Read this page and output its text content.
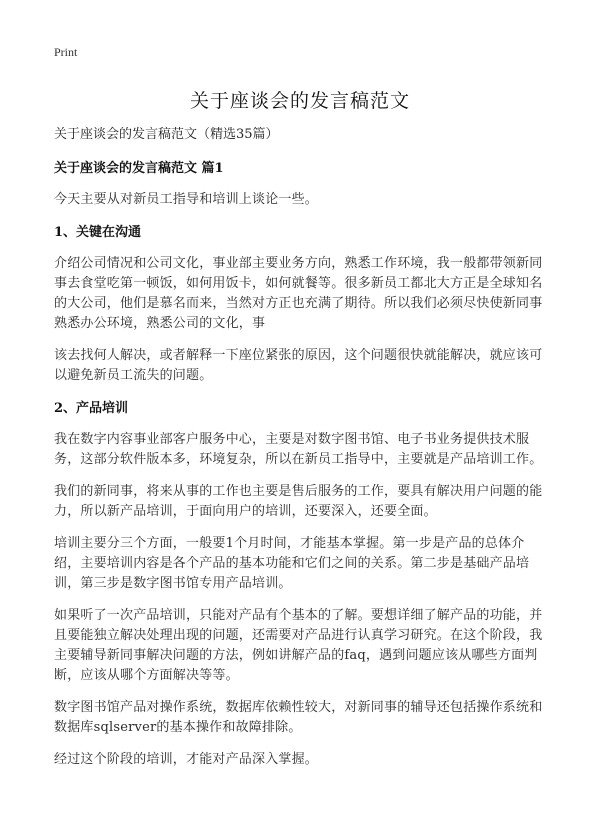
Print
关于座谈会的发言稿范文

关于座谈会的发言稿范文（精选35篇）

关于座谈会的发言稿范文 篇1

今天主要从对新员工指导和培训上谈论一些。

1、关键在沟通

介绍公司情况和公司文化，事业部主要业务方向，熟悉工作环境，我一般都带领新同事去食堂吃第一顿饭，如何用饭卡，如何就餐等。很多新员工都北大方正是全球知名的大公司，他们是慕名而来，当然对方正也充满了期待。所以我们必须尽快使新同事熟悉办公环境，熟悉公司的文化，事

该去找何人解决，或者解释一下座位紧张的原因，这个问题很快就能解决，就应该可以避免新员工流失的问题。

2、产品培训

我在数字内容事业部客户服务中心，主要是对数字图书馆、电子书业务提供技术服务，这部分软件版本多，环境复杂，所以在新员工指导中，主要就是产品培训工作。

我们的新同事，将来从事的工作也主要是售后服务的工作，要具有解决用户问题的能力，所以新产品培训，于面向用户的培训，还要深入，还要全面。

培训主要分三个方面，一般要1个月时间，才能基本掌握。第一步是产品的总体介绍，主要培训内容是各个产品的基本功能和它们之间的关系。第二步是基础产品培训，第三步是数字图书馆专用产品培训。

如果听了一次产品培训，只能对产品有个基本的了解。要想详细了解产品的功能，并且要能独立解决处理出现的问题，还需要对产品进行认真学习研究。在这个阶段，我主要辅导新同事解决问题的方法，例如讲解产品的faq，遇到问题应该从哪些方面判断，应该从哪个方面解决等等。

数字图书馆产品对操作系统，数据库依赖性较大，对新同事的辅导还包括操作系统和数据库sqlserver的基本操作和故障排除。

经过这个阶段的培训，才能对产品深入掌握。
